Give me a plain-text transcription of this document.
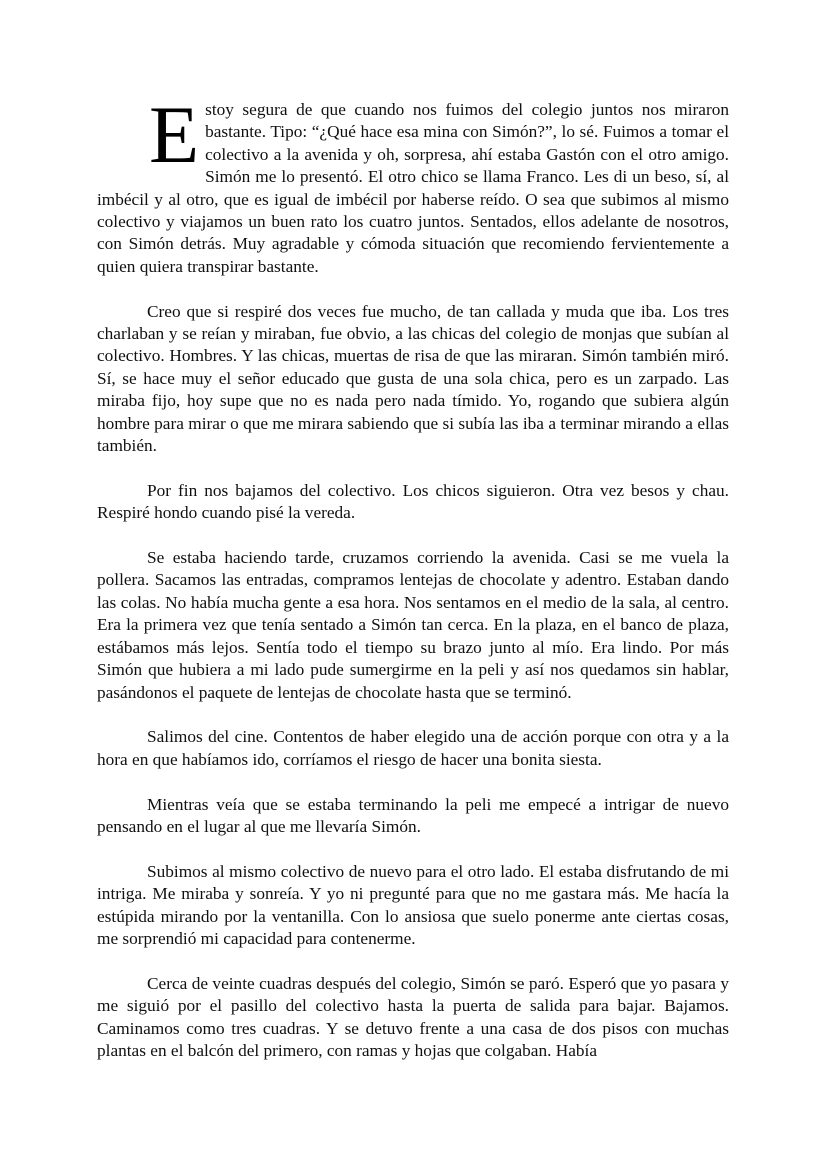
Estoy segura de que cuando nos fuimos del colegio juntos nos miraron bastante. Tipo: “¿Qué hace esa mina con Simón?”, lo sé. Fuimos a tomar el colectivo a la avenida y oh, sorpresa, ahí estaba Gastón con el otro amigo. Simón me lo presentó. El otro chico se llama Franco. Les di un beso, sí, al imbécil y al otro, que es igual de imbécil por haberse reído. O sea que subimos al mismo colectivo y viajamos un buen rato los cuatro juntos. Sentados, ellos adelante de nosotros, con Simón detrás. Muy agradable y cómoda situación que recomiendo fervientemente a quien quiera transpirar bastante.

Creo que si respiré dos veces fue mucho, de tan callada y muda que iba. Los tres charlaban y se reían y miraban, fue obvio, a las chicas del colegio de monjas que subían al colectivo. Hombres. Y las chicas, muertas de risa de que las miraran. Simón también miró. Sí, se hace muy el señor educado que gusta de una sola chica, pero es un zarpado. Las miraba fijo, hoy supe que no es nada pero nada tímido. Yo, rogando que subiera algún hombre para mirar o que me mirara sabiendo que si subía las iba a terminar mirando a ellas también.

Por fin nos bajamos del colectivo. Los chicos siguieron. Otra vez besos y chau. Respiré hondo cuando pisé la vereda.

Se estaba haciendo tarde, cruzamos corriendo la avenida. Casi se me vuela la pollera. Sacamos las entradas, compramos lentejas de chocolate y adentro. Estaban dando las colas. No había mucha gente a esa hora. Nos sentamos en el medio de la sala, al centro. Era la primera vez que tenía sentado a Simón tan cerca. En la plaza, en el banco de plaza, estábamos más lejos. Sentía todo el tiempo su brazo junto al mío. Era lindo. Por más Simón que hubiera a mi lado pude sumergirme en la peli y así nos quedamos sin hablar, pasándonos el paquete de lentejas de chocolate hasta que se terminó.

Salimos del cine. Contentos de haber elegido una de acción porque con otra y a la hora en que habíamos ido, corríamos el riesgo de hacer una bonita siesta.

Mientras veía que se estaba terminando la peli me empecé a intrigar de nuevo pensando en el lugar al que me llevaría Simón.

Subimos al mismo colectivo de nuevo para el otro lado. El estaba disfrutando de mi intriga. Me miraba y sonreía. Y yo ni pregunté para que no me gastara más. Me hacía la estúpida mirando por la ventanilla. Con lo ansiosa que suelo ponerme ante ciertas cosas, me sorprendió mi capacidad para contenerme.

Cerca de veinte cuadras después del colegio, Simón se paró. Esperó que yo pasara y me siguió por el pasillo del colectivo hasta la puerta de salida para bajar. Bajamos. Caminamos como tres cuadras. Y se detuvo frente a una casa de dos pisos con muchas plantas en el balcón del primero, con ramas y hojas que colgaban. Había
